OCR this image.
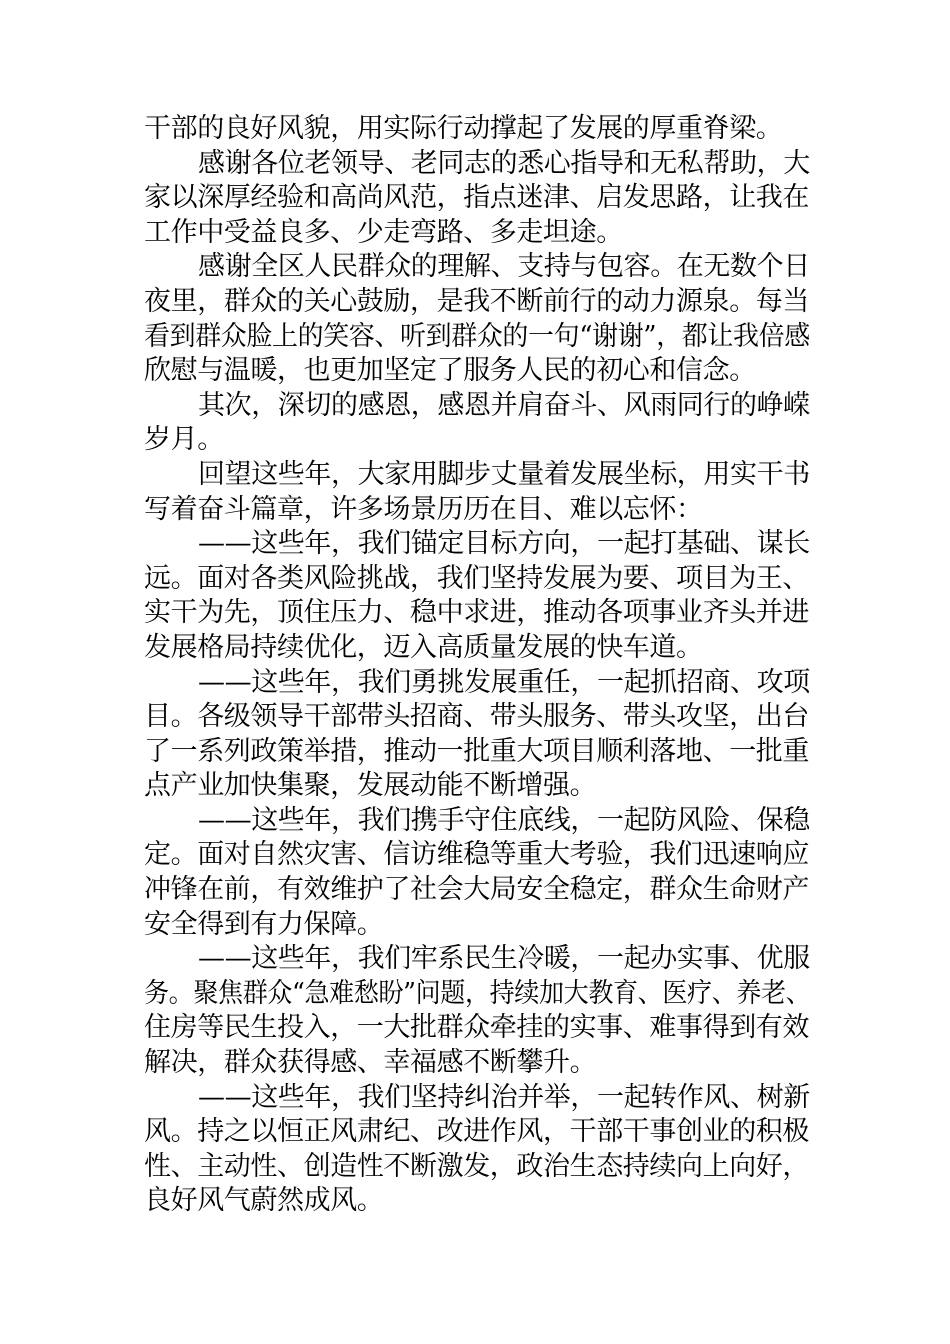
干部的良好风貌，用实际行动撑起了发展的厚重脊梁。
感谢各位老领导、老同志的悉心指导和无私帮助，大
家以深厚经验和高尚风范，指点迷津、启发思路，让我在
工作中受益良多、少走弯路、多走坦途。
感谢全区人民群众的理解、支持与包容。在无数个日
夜里，群众的关心鼓励，是我不断前行的动力源泉。每当
看到群众脸上的笑容、听到群众的一句“谢谢”，都让我倍感
欣慰与温暖，也更加坚定了服务人民的初心和信念。
其次，深切的感恩，感恩并肩奋斗、风雨同行的峥嵘
岁月。
回望这些年，大家用脚步丈量着发展坐标，用实干书
写着奋斗篇章，许多场景历历在目、难以忘怀：
——这些年，我们锚定目标方向，一起打基础、谋长
远。面对各类风险挑战，我们坚持发展为要、项目为王、
实干为先，顶住压力、稳中求进，推动各项事业齐头并进
发展格局持续优化，迈入高质量发展的快车道。
——这些年，我们勇挑发展重任，一起抓招商、攻项
目。各级领导干部带头招商、带头服务、带头攻坚，出台
了一系列政策举措，推动一批重大项目顺利落地、一批重
点产业加快集聚，发展动能不断增强。
——这些年，我们携手守住底线，一起防风险、保稳
定。面对自然灾害、信访维稳等重大考验，我们迅速响应
冲锋在前，有效维护了社会大局安全稳定，群众生命财产
安全得到有力保障。
——这些年，我们牢系民生冷暖，一起办实事、优服
务。聚焦群众“急难愁盼”问题，持续加大教育、医疗、养老、
住房等民生投入，一大批群众牵挂的实事、难事得到有效
解决，群众获得感、幸福感不断攀升。
——这些年，我们坚持纠治并举，一起转作风、树新
风。持之以恒正风肃纪、改进作风，干部干事创业的积极
性、主动性、创造性不断激发，政治生态持续向上向好，
良好风气蔚然成风。
